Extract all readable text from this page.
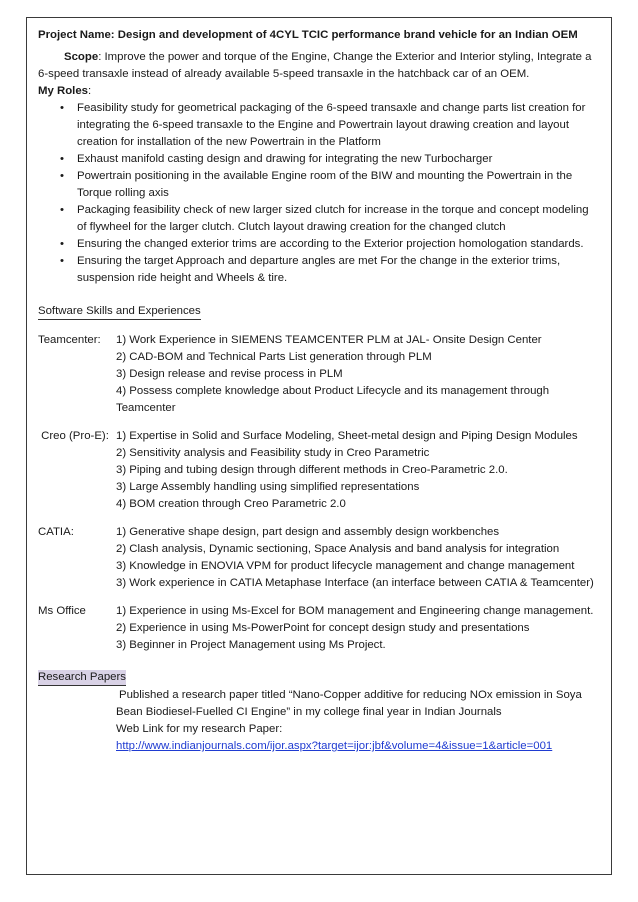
Project Name: Design and development of 4CYL TCIC performance brand vehicle for an Indian OEM

Scope: Improve the power and torque of the Engine, Change the Exterior and Interior styling, Integrate a 6-speed transaxle instead of already available 5-speed transaxle in the hatchback car of an OEM.

My Roles:

• Feasibility study for geometrical packaging of the 6-speed transaxle and change parts list creation for integrating the 6-speed transaxle to the Engine and Powertrain layout drawing creation and layout creation for installation of the new Powertrain in the Platform
• Exhaust manifold casting design and drawing for integrating the new Turbocharger
• Powertrain positioning in the available Engine room of the BIW and mounting the Powertrain in the Torque rolling axis
• Packaging feasibility check of new larger sized clutch for increase in the torque and concept modeling of flywheel for the larger clutch. Clutch layout drawing creation for the changed clutch
• Ensuring the changed exterior trims are according to the Exterior projection homologation standards.
• Ensuring the target Approach and departure angles are met For the change in the exterior trims, suspension ride height and Wheels & tire.
Software Skills and Experiences
Teamcenter:	1) Work Experience in SIEMENS TEAMCENTER PLM at JAL- Onsite Design Center
2) CAD-BOM and Technical Parts List generation through PLM
3) Design release and revise process in PLM
4) Possess complete knowledge about Product Lifecycle and its management through Teamcenter
Creo (Pro-E): 1) Expertise in Solid and Surface Modeling, Sheet-metal design and Piping Design Modules
2) Sensitivity analysis and Feasibility study in Creo Parametric
3) Piping and tubing design through different methods in Creo-Parametric 2.0.
3) Large Assembly handling using simplified representations
4) BOM creation through Creo Parametric 2.0
CATIA:	1) Generative shape design, part design and assembly design workbenches
2) Clash analysis, Dynamic sectioning, Space Analysis and band analysis for integration
3) Knowledge in ENOVIA VPM for product lifecycle management and change management
3) Work experience in CATIA Metaphase Interface (an interface between CATIA & Teamcenter)
Ms Office	1) Experience in using Ms-Excel for BOM management and Engineering change management.
2) Experience in using Ms-PowerPoint for concept design study and presentations
3) Beginner in Project Management using Ms Project.
Research Papers
Published a research paper titled “Nano-Copper additive for reducing NOx emission in Soya Bean Biodiesel-Fuelled CI Engine” in my college final year in Indian Journals
Web Link for my research Paper:
http://www.indianjournals.com/ijor.aspx?target=ijor:jbf&volume=4&issue=1&article=001
